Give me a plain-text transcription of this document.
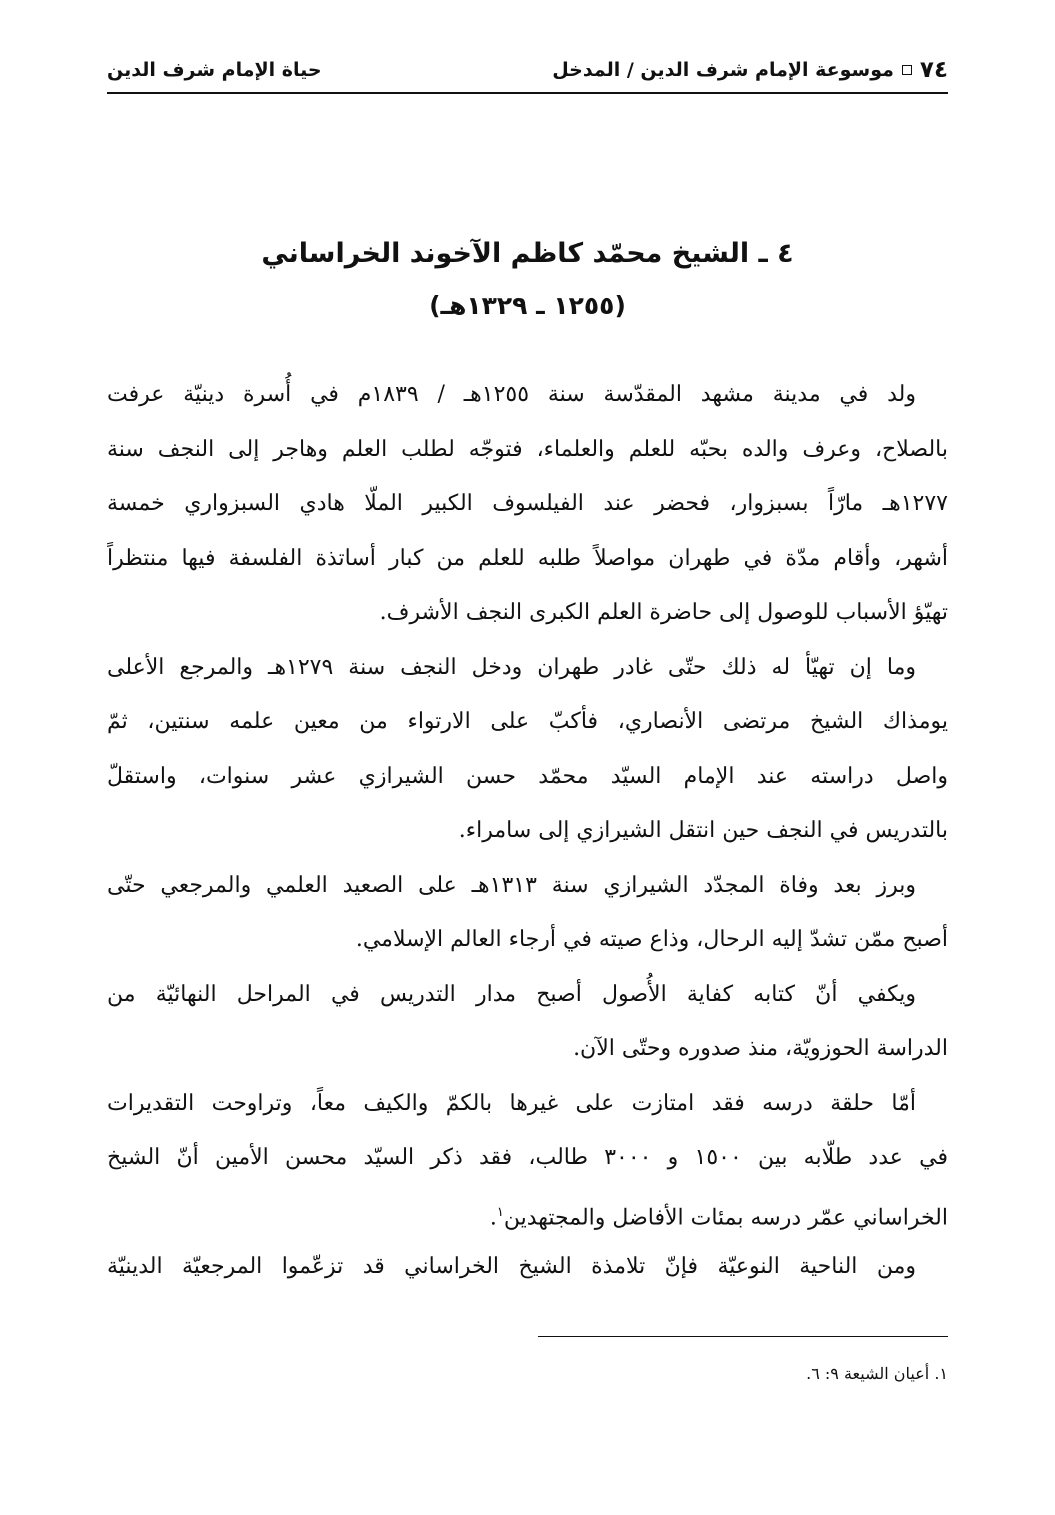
٧٤
موسوعة الإمام شرف الدين / المدخل
حياة الإمام شرف الدين
٤ ـ الشيخ محمّد كاظم الآخوند الخراساني
(١٢٥٥ ـ ١٣٢٩هـ)
ولد في مدينة مشهد المقدّسة سنة ١٢٥٥هـ / ١٨٣٩م في أُسرة دينيّة عرفت
بالصلاح، وعرف والده بحبّه للعلم والعلماء، فتوجّه لطلب العلم وهاجر إلى النجف سنة
١٢٧٧هـ مارّاً بسبزوار، فحضر عند الفيلسوف الكبير الملّا هادي السبزواري خمسة
أشهر، وأقام مدّة في طهران مواصلاً طلبه للعلم من كبار أساتذة الفلسفة فيها منتظراً
تهيّؤ الأسباب للوصول إلى حاضرة العلم الكبرى النجف الأشرف.
وما إن تهيّأ له ذلك حتّى غادر طهران ودخل النجف سنة ١٢٧٩هـ والمرجع الأعلى
يومذاك الشيخ مرتضى الأنصاري، فأكبّ على الارتواء من معين علمه سنتين، ثمّ
واصل دراسته عند الإمام السيّد محمّد حسن الشيرازي عشر سنوات، واستقلّ
بالتدريس في النجف حين انتقل الشيرازي إلى سامراء.
وبرز بعد وفاة المجدّد الشيرازي سنة ١٣١٣هـ على الصعيد العلمي والمرجعي حتّى
أصبح ممّن تشدّ إليه الرحال، وذاع صيته في أرجاء العالم الإسلامي.
ويكفي أنّ كتابه كفاية الأُصول أصبح مدار التدريس في المراحل النهائيّة من
الدراسة الحوزويّة، منذ صدوره وحتّى الآن.
أمّا حلقة درسه فقد امتازت على غيرها بالكمّ والكيف معاً، وتراوحت التقديرات
في عدد طلّابه بين ١٥٠٠ و ٣٠٠٠ طالب، فقد ذكر السيّد محسن الأمين أنّ الشيخ
الخراساني عمّر درسه بمئات الأفاضل والمجتهدين$^١$.
ومن الناحية النوعيّة فإنّ تلامذة الشيخ الخراساني قد تزعّموا المرجعيّة الدينيّة
١. أعيان الشيعة ٩: ٦.
